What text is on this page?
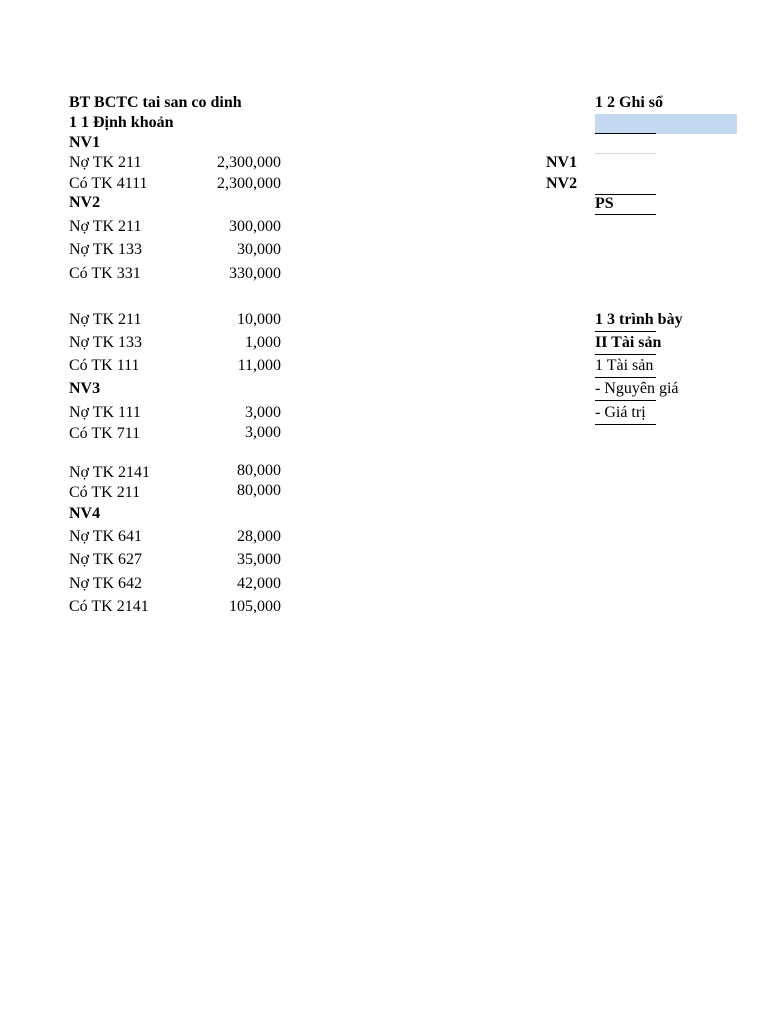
BT BCTC tai san co dinh
1 1 Định khoản
NV1
Nợ TK 211	2,300,000
Có TK 4111	2,300,000
NV2
Nợ TK 211	300,000
Nợ TK 133	30,000
Có TK 331	330,000
Nợ TK 211	10,000
Nợ TK 133	1,000
Có TK 111	11,000
NV3
Nợ TK 111	3,000
Có TK 711	3,000
Nợ TK 2141	80,000
Có TK 211	80,000
NV4
Nợ TK 641	28,000
Nợ TK 627	35,000
Nợ TK 642	42,000
Có TK 2141	105,000
NV1
NV2
1 2 Ghi sổ
PS
1 3 trình bày
II Tài sản
1 Tài sản
- Nguyên giá
- Giá trị
